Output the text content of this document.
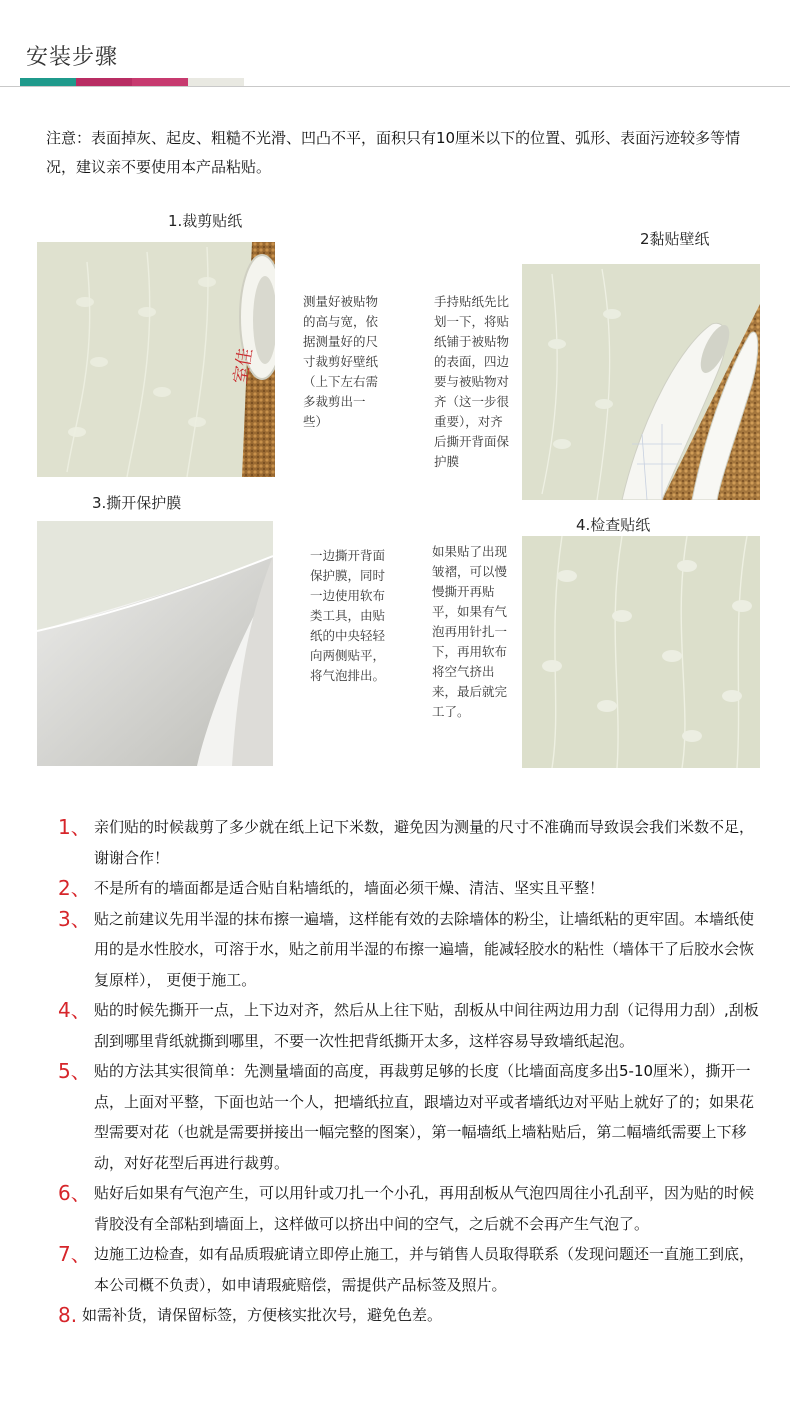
安装步骤
注意：表面掉灰、起皮、粗糙不光滑、凹凸不平，面积只有10厘米以下的位置、弧形、表面污迹较多等情况，建议亲不要使用本产品粘贴。
1.裁剪贴纸
室佳
测量好被贴物的高与宽，依据测量好的尺寸裁剪好壁纸（上下左右需多裁剪出一些）
手持贴纸先比划一下，将贴纸铺于被贴物的表面，四边要与被贴物对齐（这一步很重要），对齐后撕开背面保护膜
2黏贴壁纸
3.撕开保护膜
一边撕开背面保护膜，同时一边使用软布类工具，由贴纸的中央轻轻向两侧贴平，将气泡排出。
如果贴了出现皱褶，可以慢慢撕开再贴平，如果有气泡再用针扎一下，再用软布将空气挤出来，最后就完工了。
4.检查贴纸
1、 亲们贴的时候裁剪了多少就在纸上记下米数，避免因为测量的尺寸不准确而导致误会我们米数不足，谢谢合作！
2、 不是所有的墙面都是适合贴自粘墙纸的，墙面必须干燥、清洁、坚实且平整！
3、 贴之前建议先用半湿的抹布擦一遍墙，这样能有效的去除墙体的粉尘，让墙纸粘的更牢固。本墙纸使用的是水性胶水，可溶于水，贴之前用半湿的布擦一遍墙，能减轻胶水的粘性（墙体干了后胶水会恢复原样）， 更便于施工。
4、 贴的时候先撕开一点，上下边对齐，然后从上往下贴，刮板从中间往两边用力刮（记得用力刮）,刮板刮到哪里背纸就撕到哪里，不要一次性把背纸撕开太多，这样容易导致墙纸起泡。
5、 贴的方法其实很简单：先测量墙面的高度，再裁剪足够的长度（比墙面高度多出5-10厘米），撕开一点，上面对平整，下面也站一个人，把墙纸拉直，跟墙边对平或者墙纸边对平贴上就好了的；如果花型需要对花（也就是需要拼接出一幅完整的图案），第一幅墙纸上墙粘贴后，第二幅墙纸需要上下移动，对好花型后再进行裁剪。
6、 贴好后如果有气泡产生，可以用针或刀扎一个小孔，再用刮板从气泡四周往小孔刮平，因为贴的时候背胶没有全部粘到墙面上，这样做可以挤出中间的空气，之后就不会再产生气泡了。
7、 边施工边检查，如有品质瑕疵请立即停止施工，并与销售人员取得联系（发现问题还一直施工到底，本公司概不负责），如申请瑕疵赔偿，需提供产品标签及照片。
8. 如需补货，请保留标签，方便核实批次号，避免色差。
